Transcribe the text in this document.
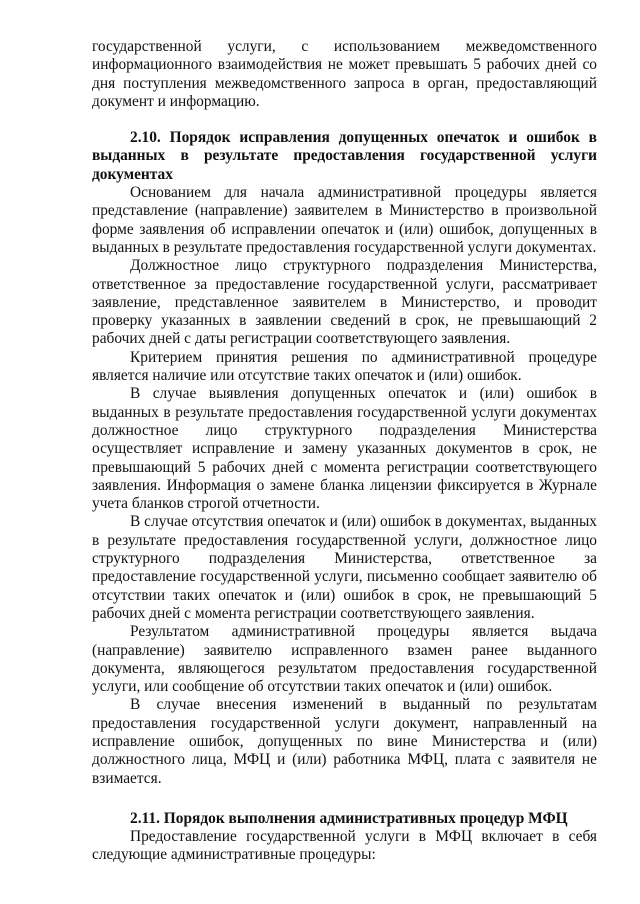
государственной услуги, с использованием межведомственного информационного взаимодействия не может превышать 5 рабочих дней со дня поступления межведомственного запроса в орган, предоставляющий документ и информацию.

2.10. Порядок исправления допущенных опечаток и ошибок в выданных в результате предоставления государственной услуги документах

Основанием для начала административной процедуры является представление (направление) заявителем в Министерство в произвольной форме заявления об исправлении опечаток и (или) ошибок, допущенных в выданных в результате предоставления государственной услуги документах.

Должностное лицо структурного подразделения Министерства, ответственное за предоставление государственной услуги, рассматривает заявление, представленное заявителем в Министерство, и проводит проверку указанных в заявлении сведений в срок, не превышающий 2 рабочих дней с даты регистрации соответствующего заявления.

Критерием принятия решения по административной процедуре является наличие или отсутствие таких опечаток и (или) ошибок.

В случае выявления допущенных опечаток и (или) ошибок в выданных в результате предоставления государственной услуги документах должностное лицо структурного подразделения Министерства осуществляет исправление и замену указанных документов в срок, не превышающий 5 рабочих дней с момента регистрации соответствующего заявления. Информация о замене бланка лицензии фиксируется в Журнале учета бланков строгой отчетности.

В случае отсутствия опечаток и (или) ошибок в документах, выданных в результате предоставления государственной услуги, должностное лицо структурного подразделения Министерства, ответственное за предоставление государственной услуги, письменно сообщает заявителю об отсутствии таких опечаток и (или) ошибок в срок, не превышающий 5 рабочих дней с момента регистрации соответствующего заявления.

Результатом административной процедуры является выдача (направление) заявителю исправленного взамен ранее выданного документа, являющегося результатом предоставления государственной услуги, или сообщение об отсутствии таких опечаток и (или) ошибок.

В случае внесения изменений в выданный по результатам предоставления государственной услуги документ, направленный на исправление ошибок, допущенных по вине Министерства и (или) должностного лица, МФЦ и (или) работника МФЦ, плата с заявителя не взимается.

2.11. Порядок выполнения административных процедур МФЦ

Предоставление государственной услуги в МФЦ включает в себя следующие административные процедуры:
